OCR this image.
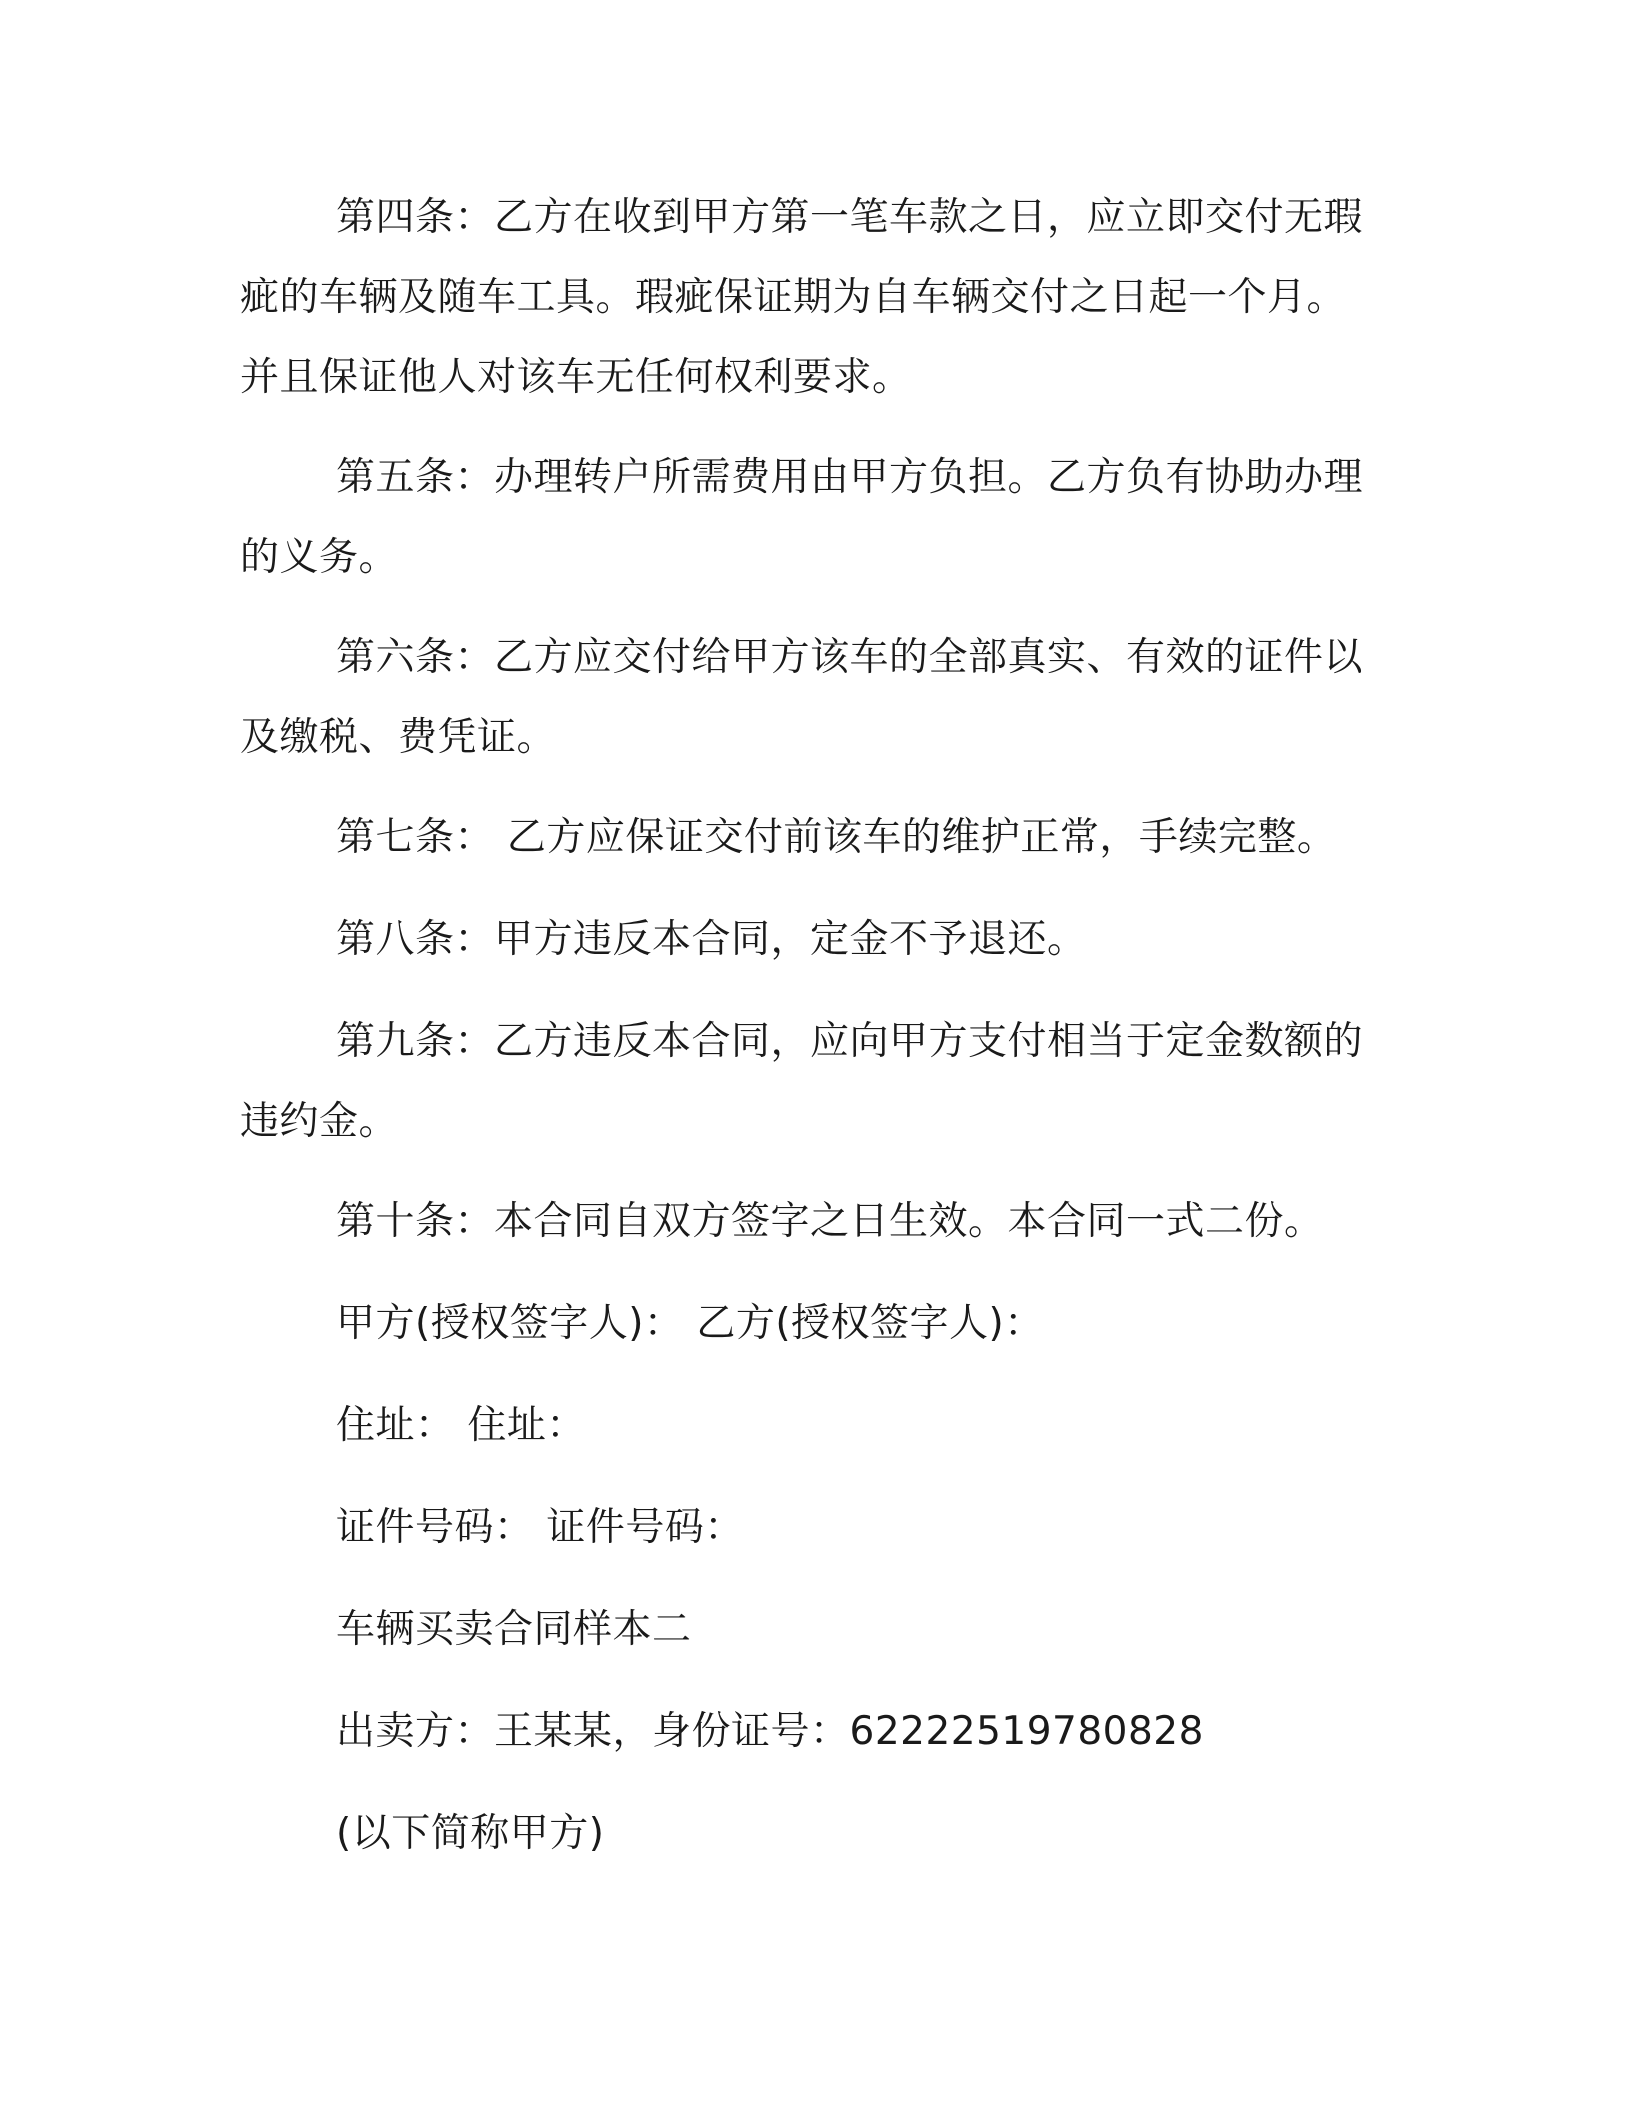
第四条：乙方在收到甲方第一笔车款之日，应立即交付无瑕疵的车辆及随车工具。瑕疵保证期为自车辆交付之日起一个月。并且保证他人对该车无任何权利要求。

第五条：办理转户所需费用由甲方负担。乙方负有协助办理的义务。

第六条：乙方应交付给甲方该车的全部真实、有效的证件以及缴税、费凭证。

第七条： 乙方应保证交付前该车的维护正常，手续完整。

第八条：甲方违反本合同，定金不予退还。

第九条：乙方违反本合同，应向甲方支付相当于定金数额的违约金。

第十条：本合同自双方签字之日生效。本合同一式二份。

甲方(授权签字人)： 乙方(授权签字人)：

住址： 住址：

证件号码： 证件号码：

车辆买卖合同样本二

出卖方：王某某，身份证号：62222519780828

(以下简称甲方)
